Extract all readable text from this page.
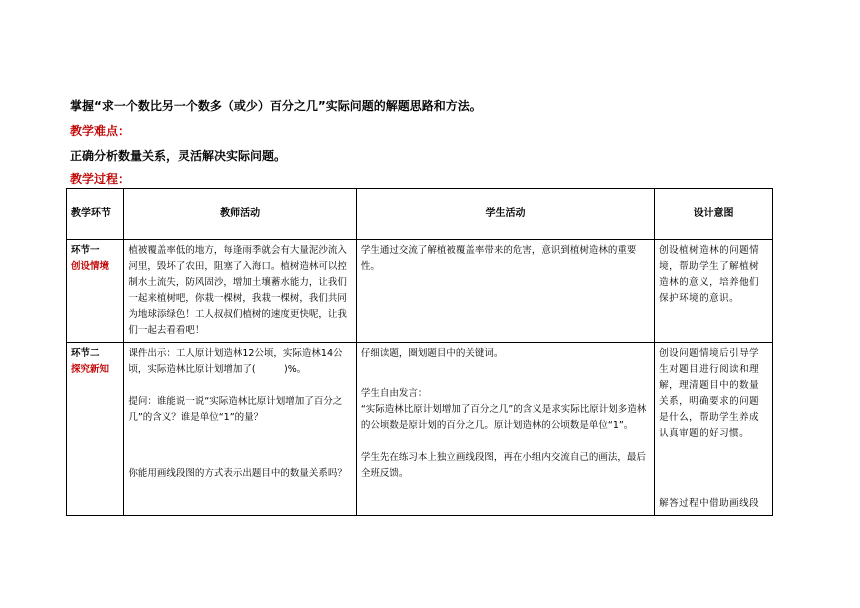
掌握“求一个数比另一个数多（或少）百分之几”实际问题的解题思路和方法。
教学难点：
正确分析数量关系，灵活解决实际问题。
教学过程：
教学环节	教师活动	学生活动	设计意图

环节一
创设情境	植被覆盖率低的地方，每逢雨季就会有大量泥沙流入河里，毁坏了农田，阻塞了入海口。植树造林可以控制水土流失，防风固沙，增加土壤蓄水能力，让我们一起来植树吧，你栽一棵树，我栽一棵树，我们共同为地球添绿色！工人叔叔们植树的速度更快呢，让我们一起去看看吧！	学生通过交流了解植被覆盖率带来的危害，意识到植树造林的重要性。	创设植树造林的问题情境，帮助学生了解植树造林的意义，培养他们保护环境的意识。

环节二
探究新知	课件出示：工人原计划造林12公顷，实际造林14公顷，实际造林比原计划增加了(　　　)%。
提问：谁能说一说“实际造林比原计划增加了百分之几”的含义？谁是单位“1”的量？
你能用画线段图的方式表示出题目中的数量关系吗？	仔细读题，圈划题目中的关键词。
学生自由发言：
“实际造林比原计划增加了百分之几”的含义是求实际比原计划多造林的公顷数是原计划的百分之几。原计划造林的公顷数是单位“1”。
学生先在练习本上独立画线段图，再在小组内交流自己的画法，最后全班反馈。	创设问题情境后引导学生对题目进行阅读和理解，理清题目中的数量关系，明确要求的问题是什么，帮助学生养成认真审题的好习惯。
解答过程中借助画线段
